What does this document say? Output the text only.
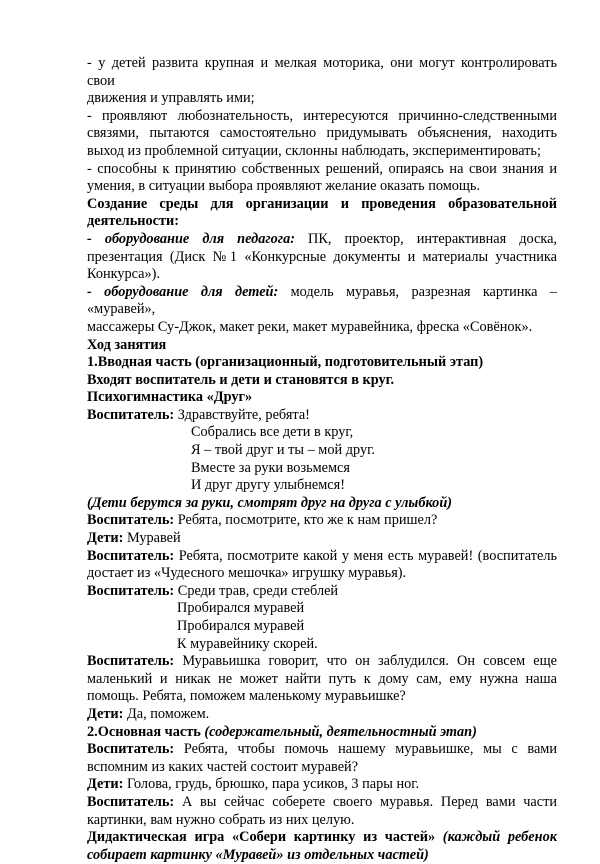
- у детей развита крупная и мелкая моторика, они могут контролировать свои

движения и управлять ими;

- проявляют любознательность, интересуются причинно-следственными

связями, пытаются самостоятельно придумывать объяснения, находить

выход из проблемной ситуации, склонны наблюдать, экспериментировать;

- способны к принятию собственных решений, опираясь на свои знания и

умения, в ситуации выбора проявляют желание оказать помощь.

Создание среды для организации и проведения образовательной

деятельности:

- оборудование для педагога: ПК, проектор, интерактивная доска,

презентация (Диск №1 «Конкурсные документы и материалы участника

Конкурса»).

- оборудование для детей: модель муравья, разрезная картинка – «муравей»,

массажеры Су-Джок, макет реки, макет муравейника, фреска «Совёнок».

Ход занятия

1.Вводная часть (организационный, подготовительный этап)

Входят воспитатель и дети и становятся в круг.

Психогимнастика «Друг»

Воспитатель: Здравствуйте, ребята!

Собрались все дети в круг,

Я – твой друг и ты – мой друг.

Вместе за руки возьмемся

И друг другу улыбнемся!

(Дети берутся за руки, смотрят друг на друга с улыбкой)

Воспитатель: Ребята, посмотрите, кто же к нам пришел?

Дети: Муравей

Воспитатель: Ребята, посмотрите какой у меня есть муравей! (воспитатель

достает из «Чудесного мешочка» игрушку муравья).

Воспитатель: Среди трав, среди стеблей

Пробирался муравей

Пробирался муравей

К муравейнику скорей.

Воспитатель: Муравьишка говорит, что он заблудился. Он совсем еще

маленький и никак не может найти путь к дому сам, ему нужна наша

помощь. Ребята, поможем маленькому муравьишке?

Дети: Да, поможем.

2.Основная часть (содержательный, деятельностный этап)

Воспитатель: Ребята, чтобы помочь нашему муравьишке, мы с вами

вспомним из каких частей состоит муравей?

Дети: Голова, грудь, брюшко, пара усиков, 3 пары ног.

Воспитатель: А вы сейчас соберете своего муравья. Перед вами части

картинки, вам нужно собрать из них целую.

Дидактическая игра «Собери картинку из частей» (каждый ребенок

собирает картинку «Муравей» из отдельных частей)
